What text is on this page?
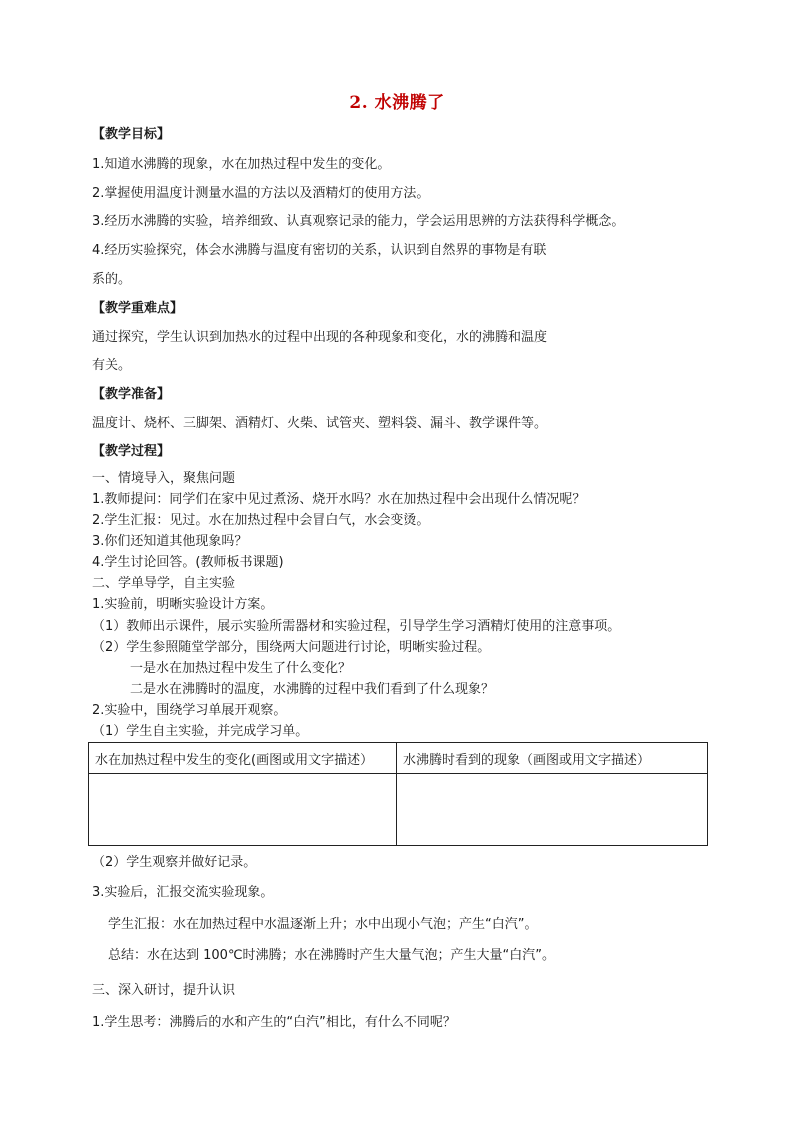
2. 水沸腾了
【教学目标】
1.知道水沸腾的现象，水在加热过程中发生的变化。
2.掌握使用温度计测量水温的方法以及酒精灯的使用方法。
3.经历水沸腾的实验，培养细致、认真观察记录的能力，学会运用思辨的方法获得科学概念。
4.经历实验探究，体会水沸腾与温度有密切的关系，认识到自然界的事物是有联
系的。
【教学重难点】
通过探究，学生认识到加热水的过程中出现的各种现象和变化，水的沸腾和温度
有关。
【教学准备】
温度计、烧杯、三脚架、酒精灯、火柴、试管夹、塑料袋、漏斗、教学课件等。
【教学过程】
一、情境导入，聚焦问题
1.教师提问：同学们在家中见过煮汤、烧开水吗？水在加热过程中会出现什么情况呢？
2.学生汇报：见过。水在加热过程中会冒白气，水会变烫。
3.你们还知道其他现象吗？
4.学生讨论回答。(教师板书课题)
二、学单导学，自主实验
1.实验前，明晰实验设计方案。
（1）教师出示课件，展示实验所需器材和实验过程，引导学生学习酒精灯使用的注意事项。
（2）学生参照随堂学部分，围绕两大问题进行讨论，明晰实验过程。
一是水在加热过程中发生了什么变化？
二是水在沸腾时的温度，水沸腾的过程中我们看到了什么现象？
2.实验中，围绕学习单展开观察。
（1）学生自主实验，并完成学习单。
（2）学生观察并做好记录。
3.实验后，汇报交流实验现象。
学生汇报：水在加热过程中水温逐渐上升；水中出现小气泡；产生“白汽”。
总结：水在达到 100℃时沸腾；水在沸腾时产生大量气泡；产生大量“白汽”。
三、深入研讨，提升认识
1.学生思考：沸腾后的水和产生的“白汽”相比，有什么不同呢？
水在加热过程中发生的变化(画图或用文字描述）	水沸腾时看到的现象（画图或用文字描述）
